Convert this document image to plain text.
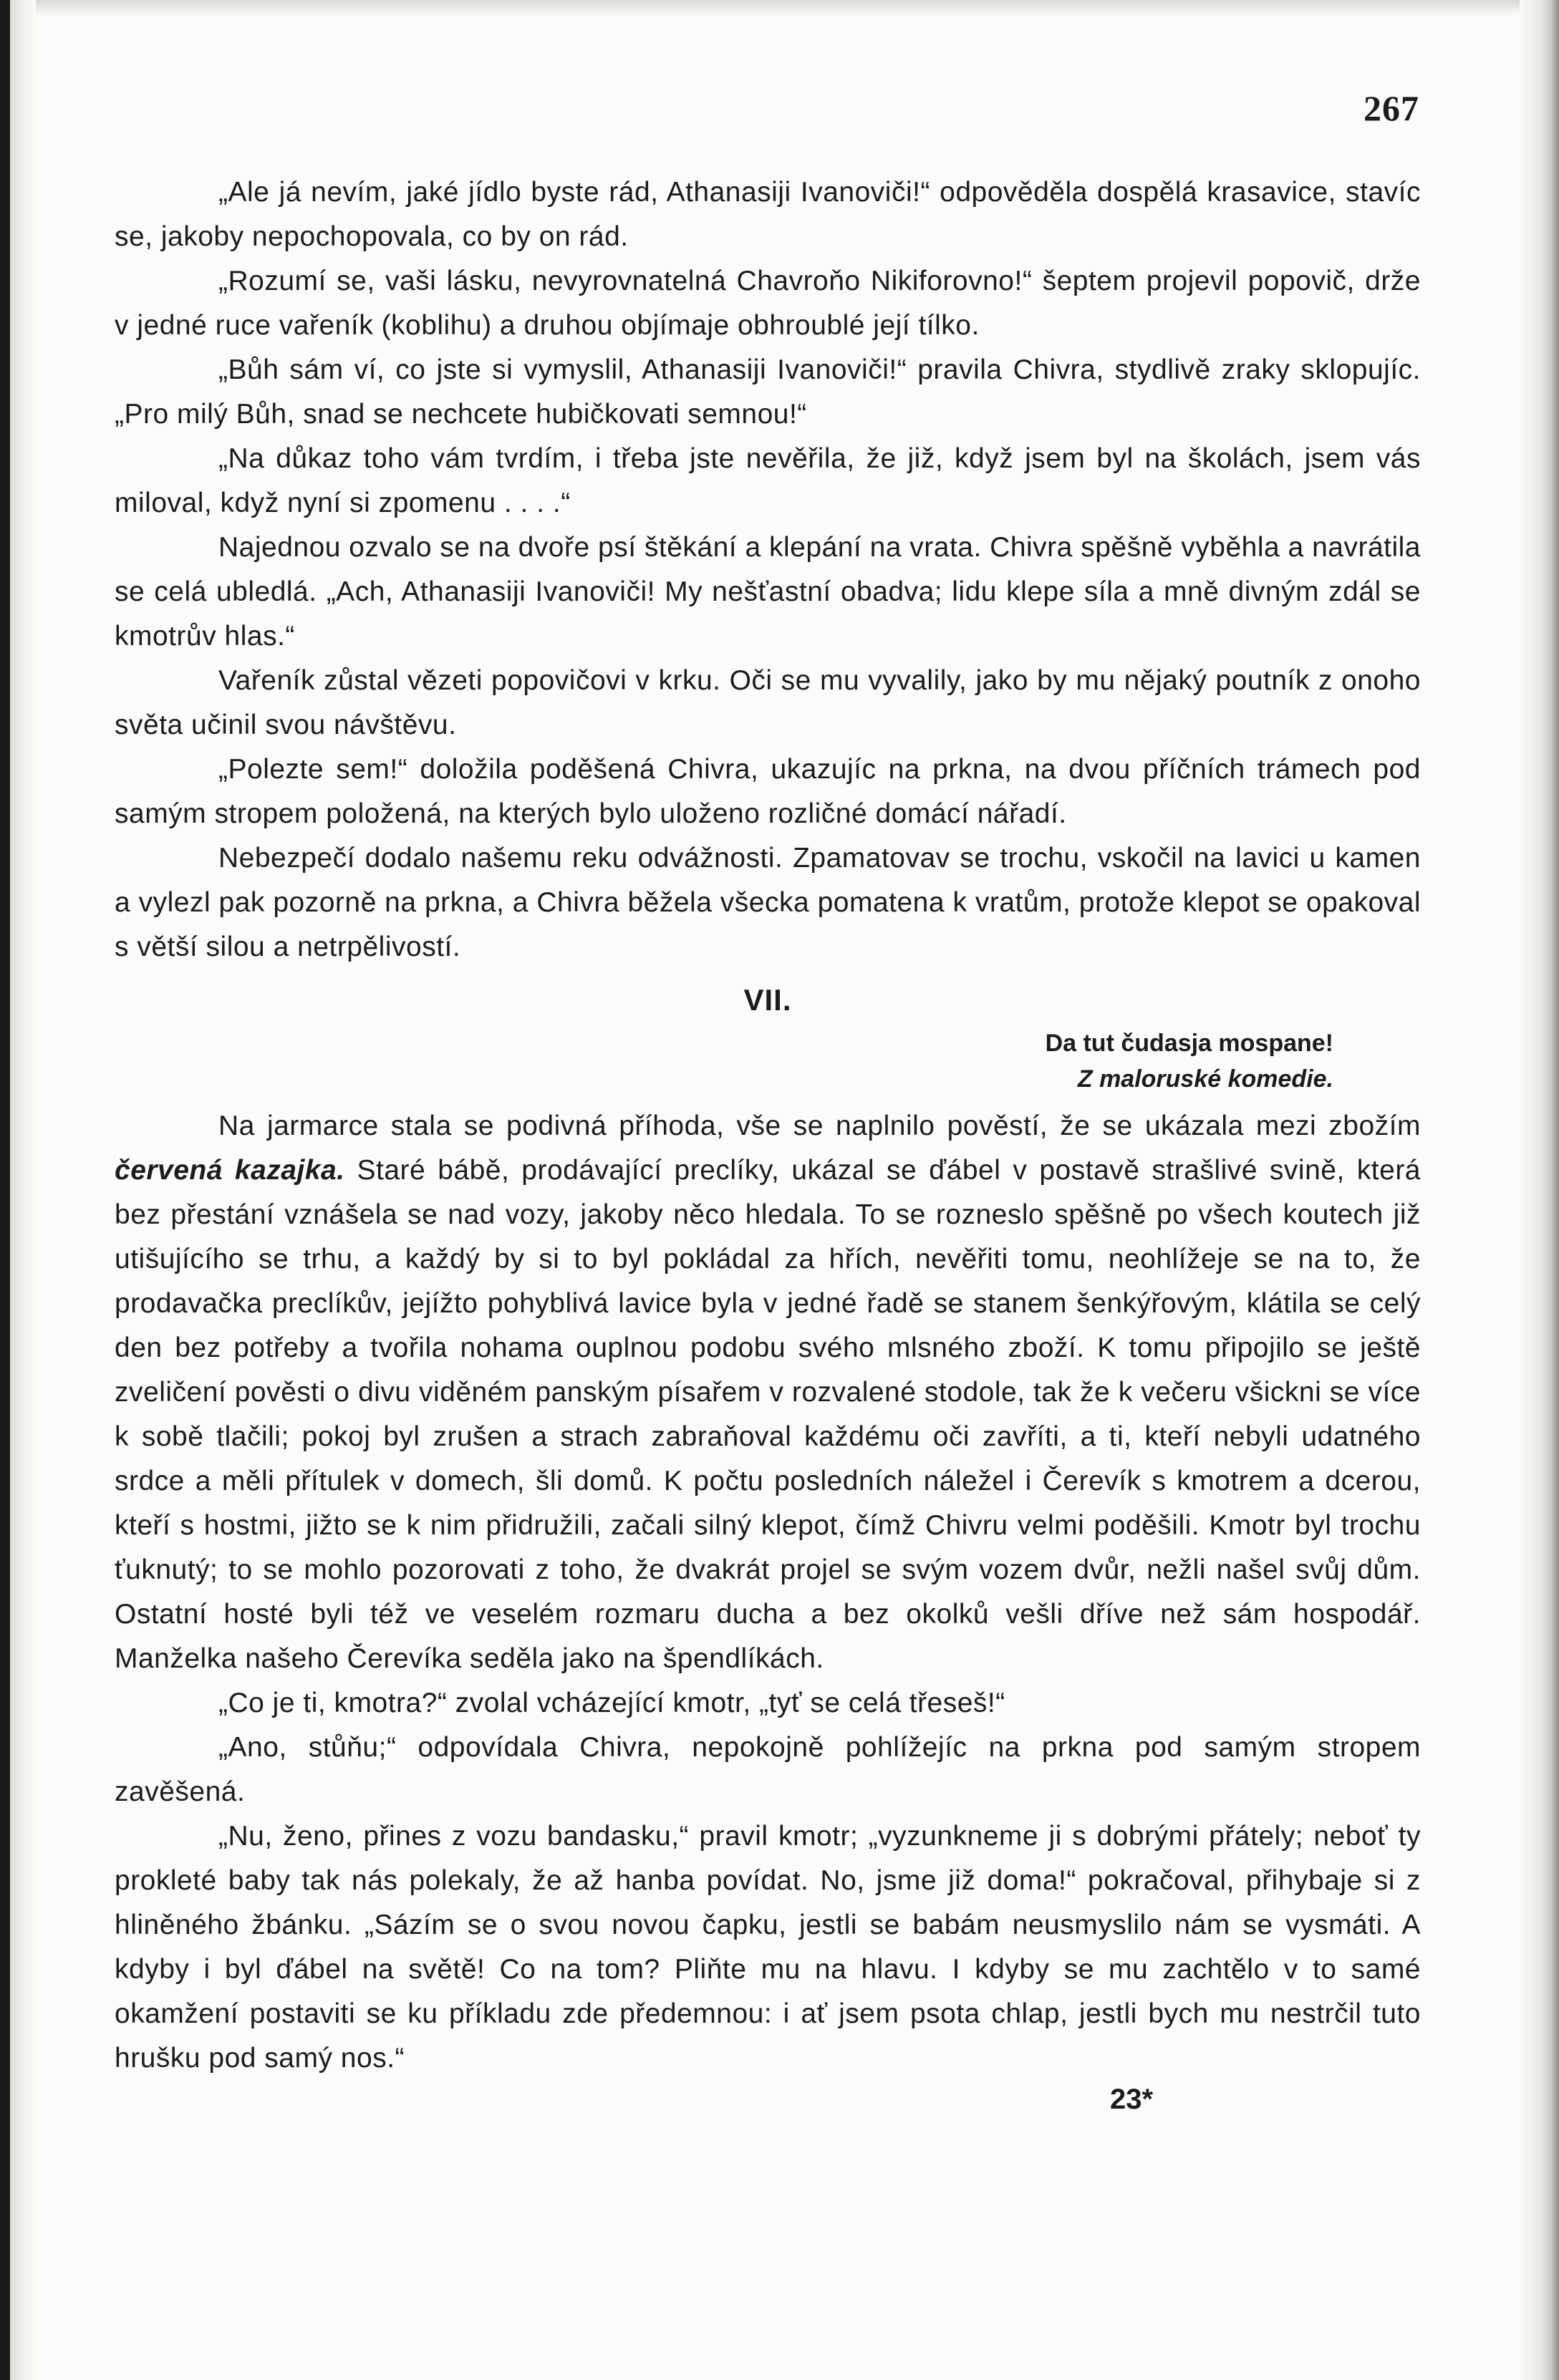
267

„Ale já nevím, jaké jídlo byste rád, Athanasiji Ivanoviči!“ odpověděla dospělá krasavice, stavíc se, jakoby nepochopovala, co by on rád.

„Rozumí se, vaši lásku, nevyrovnatelná Chavroňo Nikiforovno!“ šeptem projevil popovič, drže v jedné ruce vařeník (koblihu) a druhou objímaje obhroublé její tílko.

„Bůh sám ví, co jste si vymyslil, Athanasiji Ivanoviči!“ pravila Chivra, stydlivě zraky sklopujíc. „Pro milý Bůh, snad se nechcete hubičkovati semnou!“

„Na důkaz toho vám tvrdím, i třeba jste nevěřila, že již, když jsem byl na školách, jsem vás miloval, když nyní si zpomenu . . . .“

Najednou ozvalo se na dvoře psí štěkání a klepání na vrata. Chivra spěšně vyběhla a navrátila se celá ubledlá. „Ach, Athanasiji Ivanoviči! My nešťastní obadva; lidu klepe síla a mně divným zdál se kmotrův hlas.“

Vařeník zůstal vězeti popovičovi v krku. Oči se mu vyvalily, jako by mu nějaký poutník z onoho světa učinil svou návštěvu.

„Polezte sem!“ doložila poděšená Chivra, ukazujíc na prkna, na dvou příčních trámech pod samým stropem položená, na kterých bylo uloženo rozličné domácí nářadí.

Nebezpečí dodalo našemu reku odvážnosti. Zpamatovav se trochu, vskočil na lavici u kamen a vylezl pak pozorně na prkna, a Chivra běžela všecka pomatena k vratům, protože klepot se opakoval s větší silou a netrpělivostí.

VII.
Da tut čudasja mospane!
Z maloruské komedie.

Na jarmarce stala se podivná příhoda, vše se naplnilo pověstí, že se ukázala mezi zbožím červená kazajka. Staré bábě, prodávající preclíky, ukázal se ďábel v postavě strašlivé svině, která bez přestání vznášela se nad vozy, jakoby něco hledala. To se rozneslo spěšně po všech koutech již utišujícího se trhu, a každý by si to byl pokládal za hřích, nevěřiti tomu, neohlížeje se na to, že prodavačka preclíkův, jejížto pohyblivá lavice byla v jedné řadě se stanem šenkýřovým, klátila se celý den bez potřeby a tvořila nohama ouplnou podobu svého mlsného zboží. K tomu připojilo se ještě zveličení pověsti o divu viděném panským písařem v rozvalené stodole, tak že k večeru všickni se více k sobě tlačili; pokoj byl zrušen a strach zabraňoval každému oči zavříti, a ti, kteří nebyli udatného srdce a měli přítulek v domech, šli domů. K počtu posledních náležel i Čerevík s kmotrem a dcerou, kteří s hostmi, jižto se k nim přidružili, začali silný klepot, čímž Chivru velmi poděšili. Kmotr byl trochu ťuknutý; to se mohlo pozorovati z toho, že dvakrát projel se svým vozem dvůr, nežli našel svůj dům. Ostatní hosté byli též ve veselém rozmaru ducha a bez okolků vešli dříve než sám hospodář. Manželka našeho Čerevíka seděla jako na špendlíkách.

„Co je ti, kmotra?“ zvolal vcházející kmotr, „tyť se celá třeseš!“

„Ano, stůňu;“ odpovídala Chivra, nepokojně pohlížejíc na prkna pod samým stropem zavěšená.

„Nu, ženo, přines z vozu bandasku,“ pravil kmotr; „vyzunkneme ji s dobrými přátely; neboť ty prokleté baby tak nás polekaly, že až hanba povídat. No, jsme již doma!“ pokračoval, přihybaje si z hliněného žbánku. „Sázím se o svou novou čapku, jestli se babám neusmyslilo nám se vysmáti. A kdyby i byl ďábel na světě! Co na tom? Pliňte mu na hlavu. I kdyby se mu zachtělo v to samé okamžení postaviti se ku příkladu zde předemnou: i ať jsem psota chlap, jestli bych mu nestrčil tuto hrušku pod samý nos.“

23*
